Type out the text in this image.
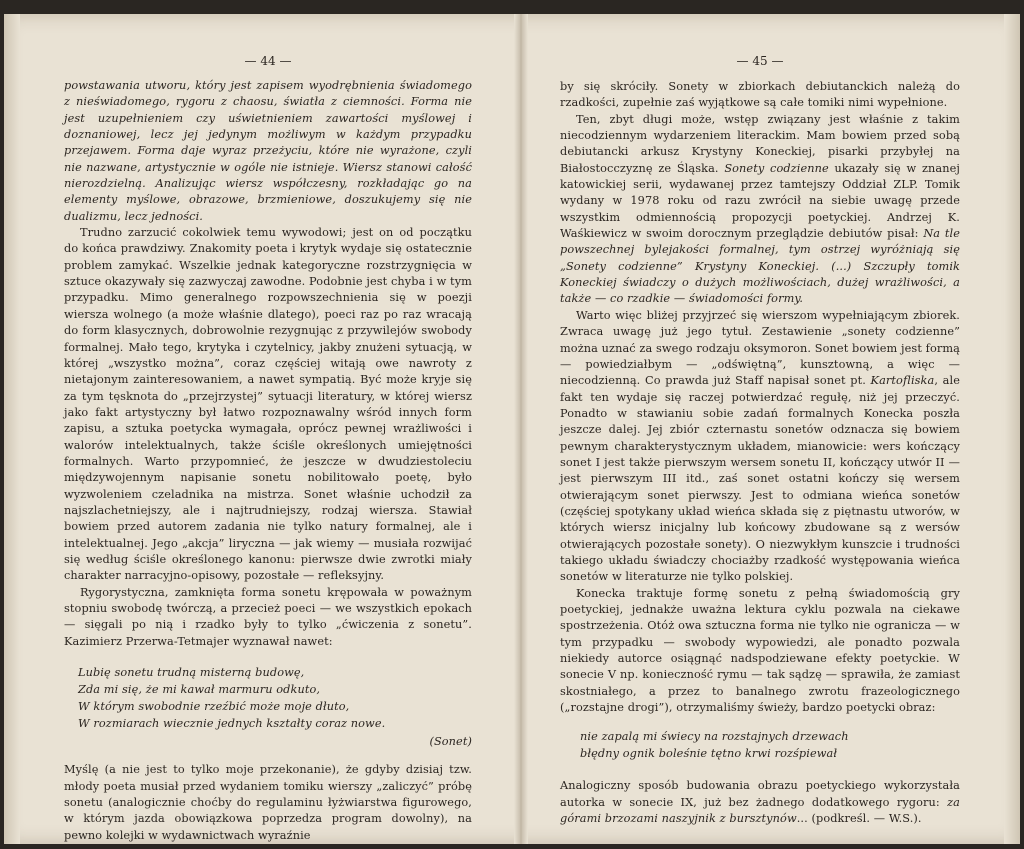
— 44 —

powstawania utworu, który jest zapisem wyodrębnienia świadomego z nieświadomego, rygoru z chaosu, światła z ciemności. Forma nie jest uzupełnieniem czy uświetnieniem zawartości myślowej i doznaniowej, lecz jej jedynym możliwym w każdym przypadku przejawem. Forma daje wyraz przeżyciu, które nie wyrażone, czyli nie nazwane, artystycznie w ogóle nie istnieje. Wiersz stanowi całość nierozdzielną. Analizując wiersz współczesny, rozkładając go na elementy myślowe, obrazowe, brzmieniowe, doszukujemy się nie dualizmu, lecz jedności.

Trudno zarzucić cokolwiek temu wywodowi; jest on od początku do końca prawdziwy. Znakomity poeta i krytyk wydaje się ostatecznie problem zamykać. Wszelkie jednak kategoryczne rozstrzygnięcia w sztuce okazywały się zazwyczaj zawodne. Podobnie jest chyba i w tym przypadku. Mimo generalnego rozpowszechnienia się w poezji wiersza wolnego (a może właśnie dlatego), poeci raz po raz wracają do form klasycznych, dobrowolnie rezygnując z przywilejów swobody formalnej. Mało tego, krytyka i czytelnicy, jakby znużeni sytuacją, w której „wszystko można”, coraz częściej witają owe nawroty z nietajonym zainteresowaniem, a nawet sympatią. Być może kryje się za tym tęsknota do „przejrzystej” sytuacji literatury, w której wiersz jako fakt artystyczny był łatwo rozpoznawalny wśród innych form zapisu, a sztuka poetycka wymagała, oprócz pewnej wrażliwości i walorów intelektualnych, także ściśle określonych umiejętności formalnych. Warto przypomnieć, że jeszcze w dwudziestoleciu międzywojennym napisanie sonetu nobilitowało poetę, było wyzwoleniem czeladnika na mistrza. Sonet właśnie uchodził za najszlachetniejszy, ale i najtrudniejszy, rodzaj wiersza. Stawiał bowiem przed autorem zadania nie tylko natury formalnej, ale i intelektualnej. Jego „akcja” liryczna — jak wiemy — musiała rozwijać się według ściśle określonego kanonu: pierwsze dwie zwrotki miały charakter narracyjno-opisowy, pozostałe — refleksyjny.

Rygorystyczna, zamknięta forma sonetu krępowała w poważnym stopniu swobodę twórczą, a przecież poeci — we wszystkich epokach — sięgali po nią i rzadko były to tylko „ćwiczenia z sonetu”. Kazimierz Przerwa-Tetmajer wyznawał nawet:

Lubię sonetu trudną misterną budowę,
Zda mi się, że mi kawał marmuru odkuto,
W którym swobodnie rzeźbić może moje dłuto,
W rozmiarach wiecznie jednych kształty coraz nowe.
(Sonet)

Myślę (a nie jest to tylko moje przekonanie), że gdyby dzisiaj tzw. młody poeta musiał przed wydaniem tomiku wierszy „zaliczyć” próbę sonetu (analogicznie choćby do regulaminu łyżwiarstwa figurowego, w którym jazda obowiązkowa poprzedza program dowolny), na pewno kolejki w wydawnictwach wyraźnie

— 45 —

by się skróciły. Sonety w zbiorkach debiutanckich należą do rzadkości, zupełnie zaś wyjątkowe są całe tomiki nimi wypełnione.

Ten, zbyt długi może, wstęp związany jest właśnie z takim niecodziennym wydarzeniem literackim. Mam bowiem przed sobą debiutancki arkusz Krystyny Koneckiej, pisarki przybyłej na Białostocczyznę ze Śląska. Sonety codzienne ukazały się w znanej katowickiej serii, wydawanej przez tamtejszy Oddział ZLP. Tomik wydany w 1978 roku od razu zwrócił na siebie uwagę przede wszystkim odmiennością propozycji poetyckiej. Andrzej K. Waśkiewicz w swoim dorocznym przeglądzie debiutów pisał: Na tle powszechnej bylejakości formalnej, tym ostrzej wyróżniają się „Sonety codzienne” Krystyny Koneckiej. (...) Szczupły tomik Koneckiej świadczy o dużych możliwościach, dużej wrażliwości, a także — co rzadkie — świadomości formy.

Warto więc bliżej przyjrzeć się wierszom wypełniającym zbiorek. Zwraca uwagę już jego tytuł. Zestawienie „sonety codzienne” można uznać za swego rodzaju oksymoron. Sonet bowiem jest formą — powiedziałbym — „odświętną”, kunsztowną, a więc — niecodzienną. Co prawda już Staff napisał sonet pt. Kartofliska, ale fakt ten wydaje się raczej potwierdzać regułę, niż jej przeczyć. Ponadto w stawianiu sobie zadań formalnych Konecka poszła jeszcze dalej. Jej zbiór czternastu sonetów odznacza się bowiem pewnym charakterystycznym układem, mianowicie: wers kończący sonet I jest także pierwszym wersem sonetu II, kończący utwór II — jest pierwszym III itd., zaś sonet ostatni kończy się wersem otwierającym sonet pierwszy. Jest to odmiana wieńca sonetów (częściej spotykany układ wieńca składa się z piętnastu utworów, w których wiersz inicjalny lub końcowy zbudowane są z wersów otwierających pozostałe sonety). O niezwykłym kunszcie i trudności takiego układu świadczy chociażby rzadkość występowania wieńca sonetów w literaturze nie tylko polskiej.

Konecka traktuje formę sonetu z pełną świadomością gry poetyckiej, jednakże uważna lektura cyklu pozwala na ciekawe spostrzeżenia. Otóż owa sztuczna forma nie tylko nie ogranicza — w tym przypadku — swobody wypowiedzi, ale ponadto pozwala niekiedy autorce osiągnąć nadspodziewane efekty poetyckie. W sonecie V np. konieczność rymu — tak sądzę — sprawiła, że zamiast skostniałego, a przez to banalnego zwrotu frazeologicznego („rozstajne drogi”), otrzymaliśmy świeży, bardzo poetycki obraz:

nie zapalą mi świecy na rozstajnych drzewach
błędny ognik boleśnie tętno krwi rozśpiewał

Analogiczny sposób budowania obrazu poetyckiego wykorzystała autorka w sonecie IX, już bez żadnego dodatkowego rygoru: za górami brzozami naszyjnik z bursztynów... (podkreśl. — W.S.).
